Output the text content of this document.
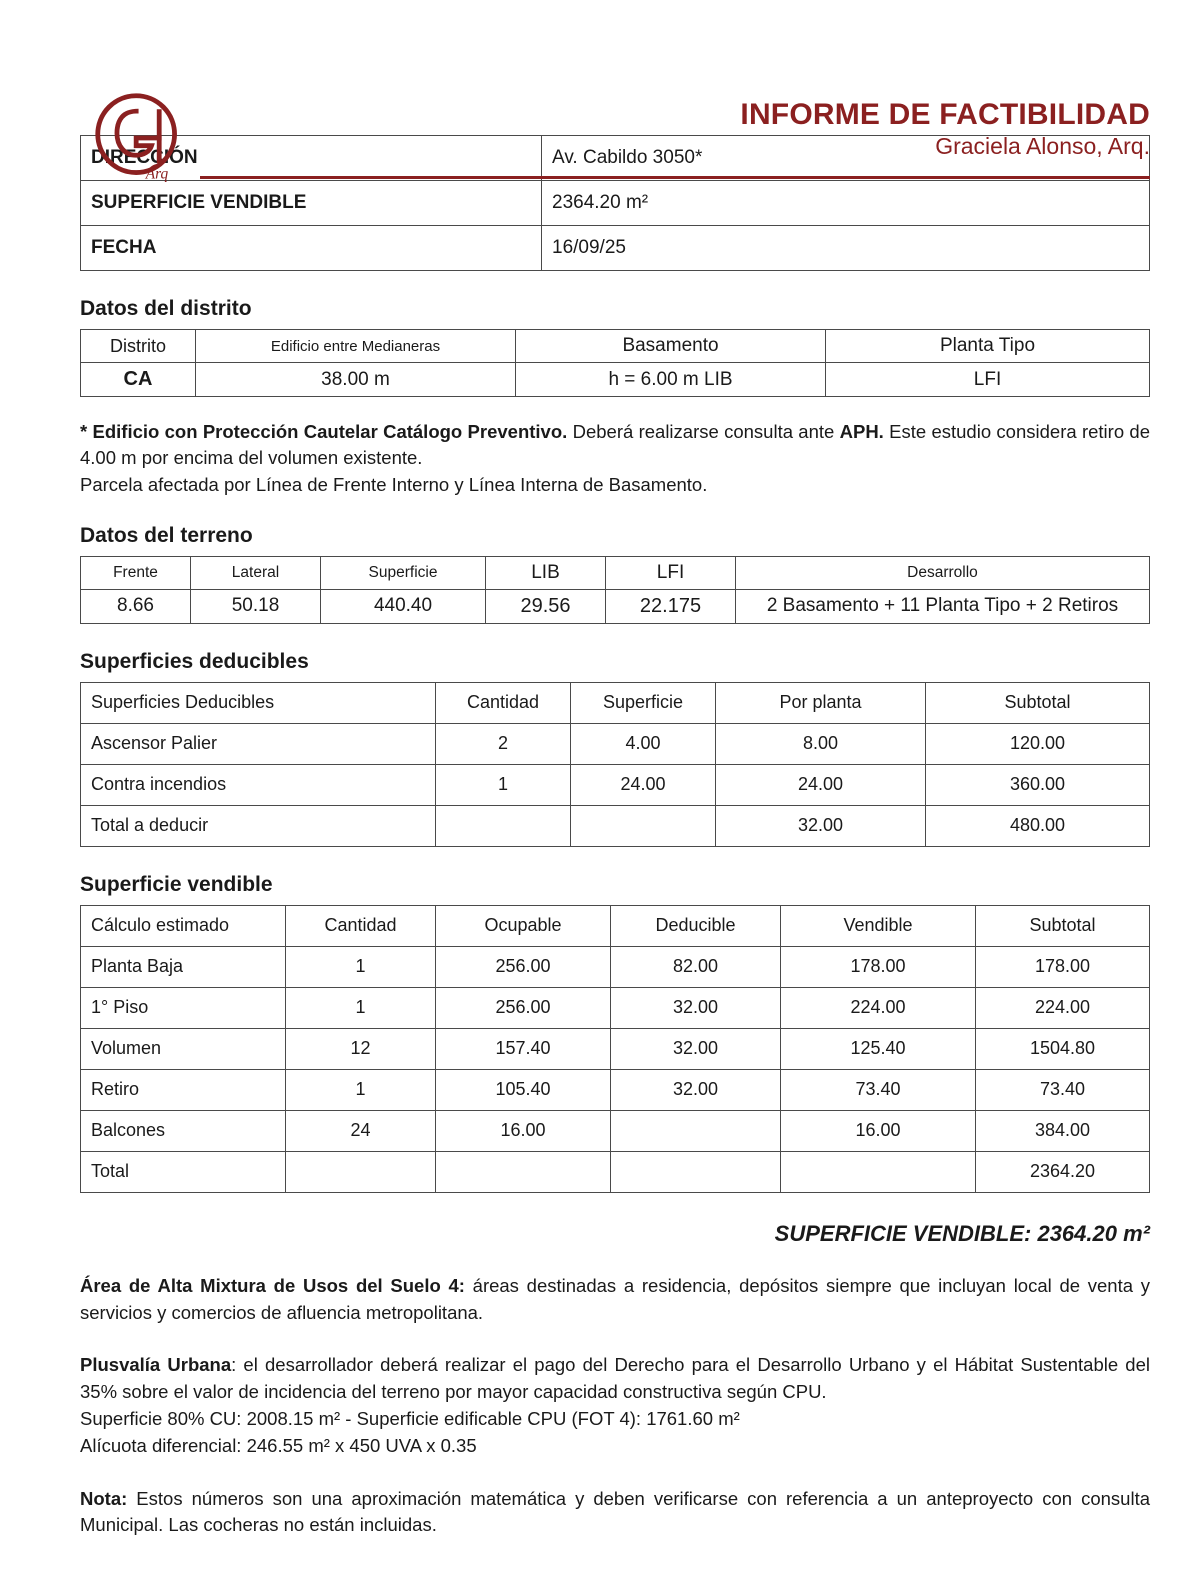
Arq
INFORME DE FACTIBILIDAD
Graciela Alonso, Arq.
DIRECCIÓN	Av. Cabildo 3050*
SUPERFICIE VENDIBLE	2364.20 m²
FECHA	16/09/25
Datos del distrito
Distrito	Edificio entre Medianeras	Basamento	Planta Tipo
CA	38.00 m	h = 6.00 m LIB	LFI

* Edificio con Protección Cautelar Catálogo Preventivo. Deberá realizarse consulta ante APH. Este estudio considera retiro de 4.00 m por encima del volumen existente.
Parcela afectada por Línea de Frente Interno y Línea Interna de Basamento.

Datos del terreno
Frente	Lateral	Superficie	LIB	LFI	Desarrollo
8.66	50.18	440.40	29.56	22.175	2 Basamento + 11 Planta Tipo + 2 Retiros
Superficies deducibles
Superficies Deducibles	Cantidad	Superficie	Por planta	Subtotal
Ascensor Palier	2	4.00	8.00	120.00
Contra incendios	1	24.00	24.00	360.00
Total a deducir			32.00	480.00
Superficie vendible
Cálculo estimado	Cantidad	Ocupable	Deducible	Vendible	Subtotal
Planta Baja	1	256.00	82.00	178.00	178.00
1° Piso	1	256.00	32.00	224.00	224.00
Volumen	12	157.40	32.00	125.40	1504.80
Retiro	1	105.40	32.00	73.40	73.40
Balcones	24	16.00		16.00	384.00
Total					2364.20
SUPERFICIE VENDIBLE: 2364.20 m²
Área de Alta Mixtura de Usos del Suelo 4: áreas destinadas a residencia, depósitos siempre que incluyan local de venta y servicios y comercios de afluencia metropolitana.
Plusvalía Urbana: el desarrollador deberá realizar el pago del Derecho para el Desarrollo Urbano y el Hábitat Sustentable del 35% sobre el valor de incidencia del terreno por mayor capacidad constructiva según CPU.
Superficie 80% CU: 2008.15 m² - Superficie edificable CPU (FOT 4): 1761.60 m²
Alícuota diferencial: 246.55 m² x 450 UVA x 0.35
Nota: Estos números son una aproximación matemática y deben verificarse con referencia a un anteproyecto con consulta Municipal. Las cocheras no están incluidas.
